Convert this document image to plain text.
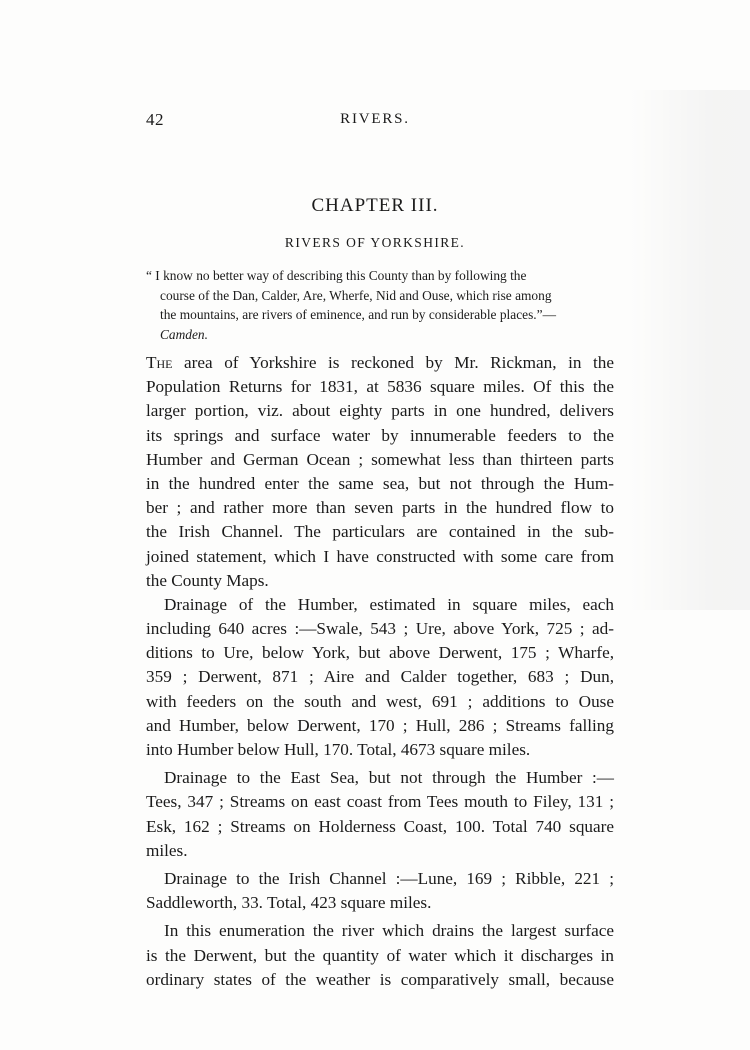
42	RIVERS.
CHAPTER III.
RIVERS OF YORKSHIRE.
“ I know no better way of describing this County than by following the
course of the Dan, Calder, Are, Wherfe, Nid and Ouse, which rise among
the mountains, are rivers of eminence, and run by considerable places.”—
Camden.
The area of Yorkshire is reckoned by Mr. Rickman, in the
Population Returns for 1831, at 5836 square miles. Of this the
larger portion, viz. about eighty parts in one hundred, delivers
its springs and surface water by innumerable feeders to the
Humber and German Ocean ; somewhat less than thirteen parts
in the hundred enter the same sea, but not through the Hum-
ber ; and rather more than seven parts in the hundred flow to
the Irish Channel. The particulars are contained in the sub-
joined statement, which I have constructed with some care from
the County Maps.
Drainage of the Humber, estimated in square miles, each
including 640 acres :—Swale, 543 ; Ure, above York, 725 ; ad-
ditions to Ure, below York, but above Derwent, 175 ; Wharfe,
359 ; Derwent, 871 ; Aire and Calder together, 683 ; Dun,
with feeders on the south and west, 691 ; additions to Ouse
and Humber, below Derwent, 170 ; Hull, 286 ; Streams falling
into Humber below Hull, 170. Total, 4673 square miles.
Drainage to the East Sea, but not through the Humber :—
Tees, 347 ; Streams on east coast from Tees mouth to Filey, 131 ;
Esk, 162 ; Streams on Holderness Coast, 100. Total 740 square
miles.
Drainage to the Irish Channel :—Lune, 169 ; Ribble, 221 ;
Saddleworth, 33. Total, 423 square miles.
In this enumeration the river which drains the largest surface
is the Derwent, but the quantity of water which it discharges in
ordinary states of the weather is comparatively small, because
